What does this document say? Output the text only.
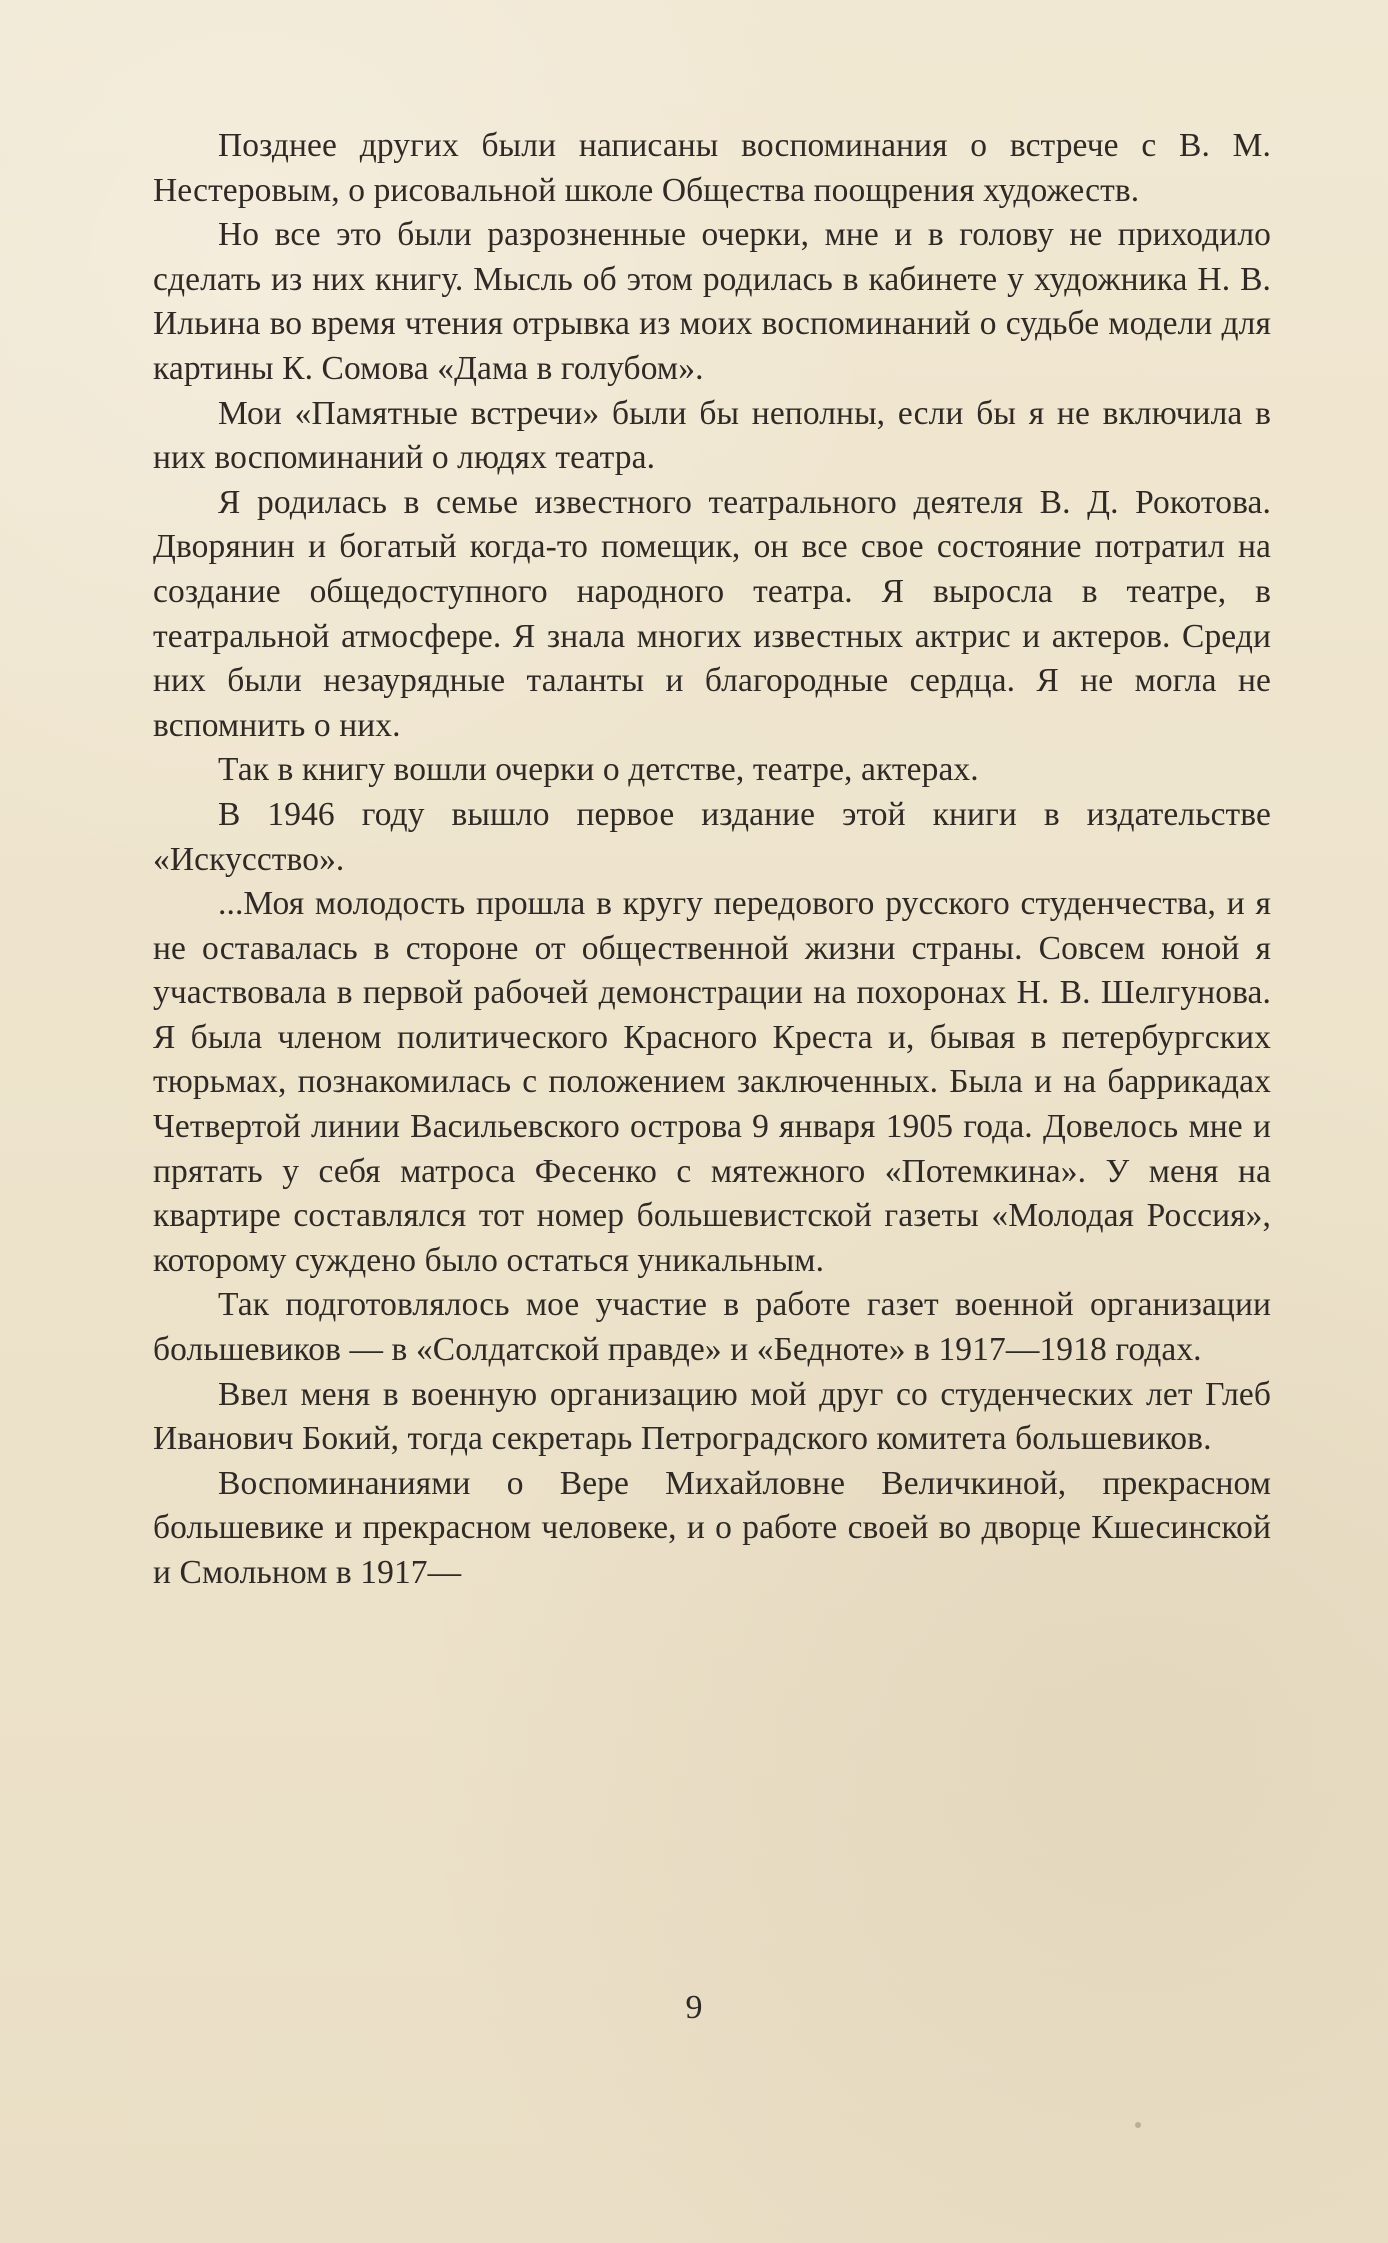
Позднее других были написаны воспоминания о встрече с В. М. Нестеровым, о рисовальной школе Общества поощрения художеств.

Но все это были разрозненные очерки, мне и в голову не приходило сделать из них книгу. Мысль об этом родилась в кабинете у художника Н. В. Ильина во время чтения отрывка из моих воспоминаний о судьбе модели для картины К. Сомова «Дама в голубом».

Мои «Памятные встречи» были бы неполны, если бы я не включила в них воспоминаний о людях театра.

Я родилась в семье известного театрального деятеля В. Д. Рокотова. Дворянин и богатый когда-то помещик, он все свое состояние потратил на создание общедоступного народного театра. Я выросла в театре, в театральной атмосфере. Я знала многих известных актрис и актеров. Среди них были незаурядные таланты и благородные сердца. Я не могла не вспомнить о них.

Так в книгу вошли очерки о детстве, театре, актерах.

В 1946 году вышло первое издание этой книги в издательстве «Искусство».

...Моя молодость прошла в кругу передового русского студенчества, и я не оставалась в стороне от общественной жизни страны. Совсем юной я участвовала в первой рабочей демонстрации на похоронах Н. В. Шелгунова. Я была членом политического Красного Креста и, бывая в петербургских тюрьмах, познакомилась с положением заключенных. Была и на баррикадах Четвертой линии Васильевского острова 9 января 1905 года. Довелось мне и прятать у себя матроса Фесенко с мятежного «Потемкина». У меня на квартире составлялся тот номер большевистской газеты «Молодая Россия», которому суждено было остаться уникальным.

Так подготовлялось мое участие в работе газет военной организации большевиков — в «Солдатской правде» и «Бедноте» в 1917—1918 годах.

Ввел меня в военную организацию мой друг со студенческих лет Глеб Иванович Бокий, тогда секретарь Петроградского комитета большевиков.

Воспоминаниями о Вере Михайловне Величкиной, прекрасном большевике и прекрасном человеке, и о работе своей во дворце Кшесинской и Смольном в 1917—

9
